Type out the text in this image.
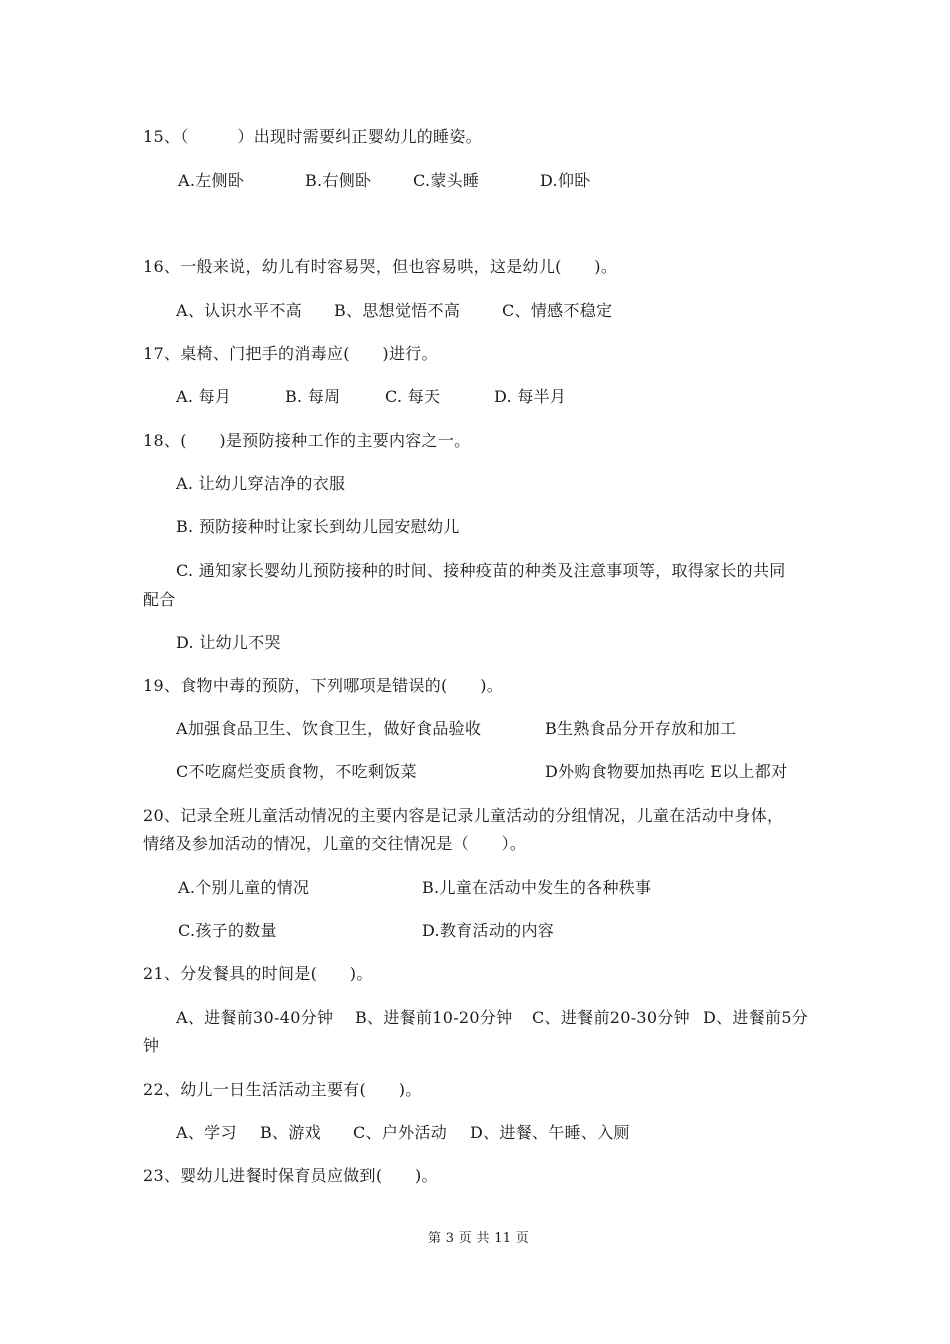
15、（　　　）出现时需要纠正婴幼儿的睡姿。
A.左侧卧	B.右侧卧	C.蒙头睡	D.仰卧
16、一般来说，幼儿有时容易哭，但也容易哄，这是幼儿(　　)。
A、认识水平不高 B、思想觉悟不高	C、情感不稳定
17、桌椅、门把手的消毒应(　　)进行。
A. 每月	B. 每周	C. 每天	D. 每半月
18、(　　)是预防接种工作的主要内容之一。
A. 让幼儿穿洁净的衣服
B. 预防接种时让家长到幼儿园安慰幼儿
C. 通知家长婴幼儿预防接种的时间、接种疫苗的种类及注意事项等，取得家长的共同
配合
D. 让幼儿不哭
19、食物中毒的预防，下列哪项是错误的(　　)。
A加强食品卫生、饮食卫生，做好食品验收	B生熟食品分开存放和加工
C不吃腐烂变质食物，不吃剩饭菜	D外购食物要加热再吃 E以上都对
20、记录全班儿童活动情况的主要内容是记录儿童活动的分组情况，儿童在活动中身体，
情绪及参加活动的情况，儿童的交往情况是（　　）。
A.个别儿童的情况	B.儿童在活动中发生的各种秩事
C.孩子的数量	D.教育活动的内容
21、分发餐具的时间是(　　)。
A、进餐前30-40分钟 B、进餐前10-20分钟 C、进餐前20-30分钟 D、进餐前5分
钟
22、幼儿一日生活活动主要有(　　)。
A、学习 B、游戏 C、户外活动 D、进餐、午睡、入厕
23、婴幼儿进餐时保育员应做到(　　)。
第 3 页 共 11 页
